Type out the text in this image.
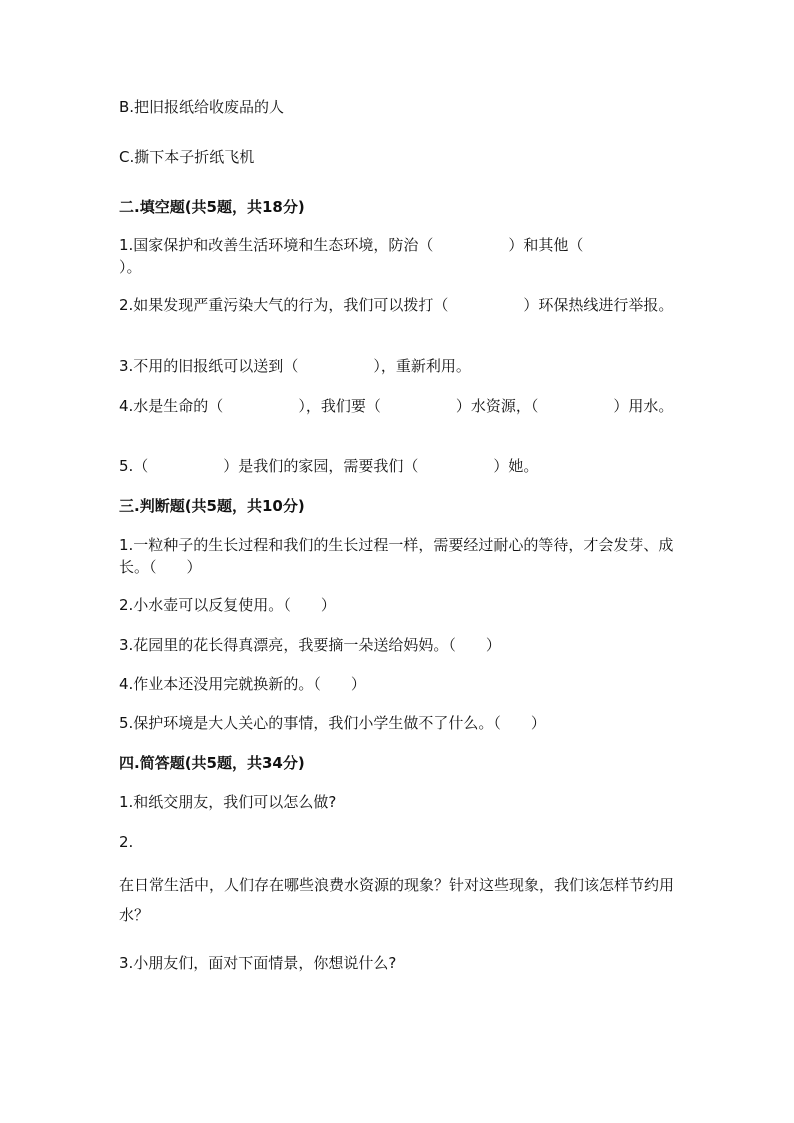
B.把旧报纸给收废品的人
C.撕下本子折纸飞机
二.填空题(共5题，共18分)
1.国家保护和改善生活环境和生态环境，防治（　　　　　）和其他（　　　　　）。
2.如果发现严重污染大气的行为，我们可以拨打（　　　　　）环保热线进行举报。
3.不用的旧报纸可以送到（　　　　　），重新利用。
4.水是生命的（　　　　　），我们要（　　　　　）水资源，（　　　　　）用水。
5.（　　　　　）是我们的家园，需要我们（　　　　　）她。
三.判断题(共5题，共10分)
1.一粒种子的生长过程和我们的生长过程一样，需要经过耐心的等待，才会发芽、成长。（　　）
2.小水壶可以反复使用。（　　）
3.花园里的花长得真漂亮，我要摘一朵送给妈妈。（　　）
4.作业本还没用完就换新的。（　　）
5.保护环境是大人关心的事情，我们小学生做不了什么。（　　）
四.简答题(共5题，共34分)
1.和纸交朋友，我们可以怎么做?
2.
在日常生活中，人们存在哪些浪费水资源的现象？针对这些现象，我们该怎样节约用水？
3.小朋友们，面对下面情景，你想说什么?
